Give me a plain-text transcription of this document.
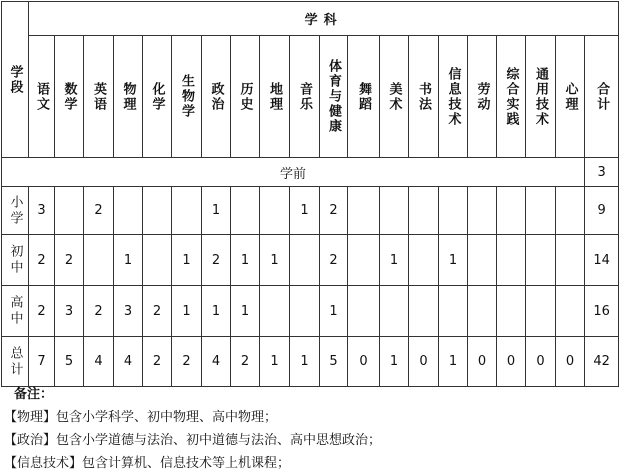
学段	学科																			

	语文	数学	英语	物理	化学	生物学	政治	历史	地理	音乐	体育与健康	舞蹈	美术	书法	信息技术	劳动	综合实践	通用技术	心理	合计

学前																				3

小学	3		2				1			1	2									9

初中	2	2		1		1	2	1	1		2		1		1					14

高中	2	3	2	3	2	1	1	1			1									16

总计	7	5	4	4	2	2	4	2	1	1	5	0	1	0	1	0	0	0	0	42
备注：
【物理】包含小学科学、初中物理、高中物理；
【政治】包含小学道德与法治、初中道德与法治、高中思想政治；
【信息技术】包含计算机、信息技术等上机课程；
